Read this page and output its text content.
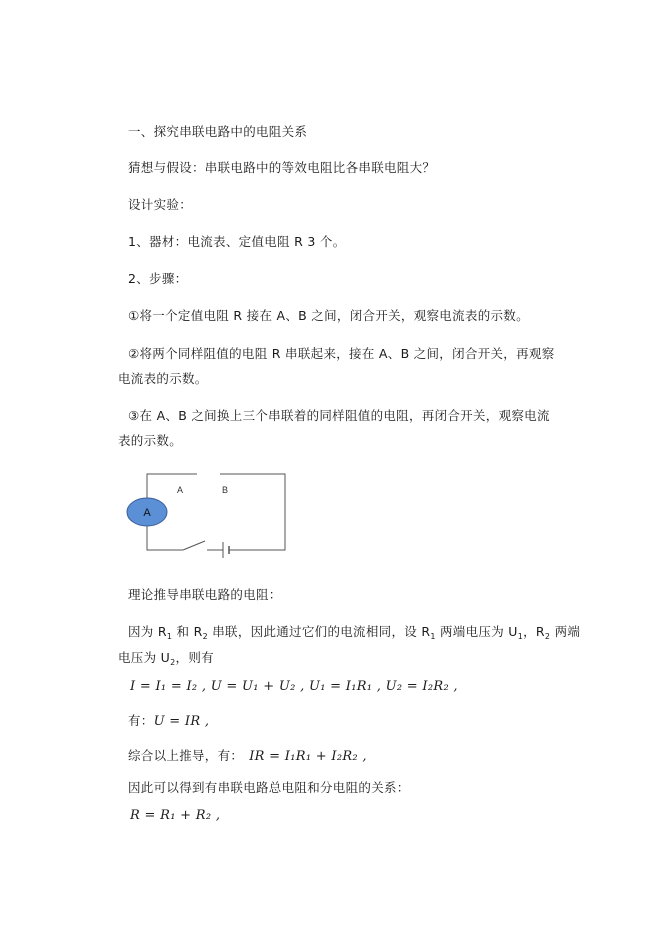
一、探究串联电路中的电阻关系
猜想与假设：串联电路中的等效电阻比各串联电阻大？
设计实验：
1、器材：电流表、定值电阻 R 3 个。
2、步骤：
①将一个定值电阻 R 接在 A、B 之间，闭合开关，观察电流表的示数。
②将两个同样阻值的电阻 R 串联起来，接在 A、B 之间，闭合开关，再观察
电流表的示数。
③在 A、B 之间换上三个串联着的同样阻值的电阻，再闭合开关，观察电流
表的示数。
A
A	B
理论推导串联电路的电阻：
因为 $R_1$ 和 $R_2$ 串联，因此通过它们的电流相同，设 $R_1$ 两端电压为 $U_1$，$R_2$ 两端
电压为 $U_2$，则有
I = I₁ = I₂ , U = U₁ + U₂ , U₁ = I₁R₁ , U₂ = I₂R₂ ,
有：U = IR ,
综合以上推导，有： IR = I₁R₁ + I₂R₂ ,
因此可以得到有串联电路总电阻和分电阻的关系：
R = R₁ + R₂ ,
